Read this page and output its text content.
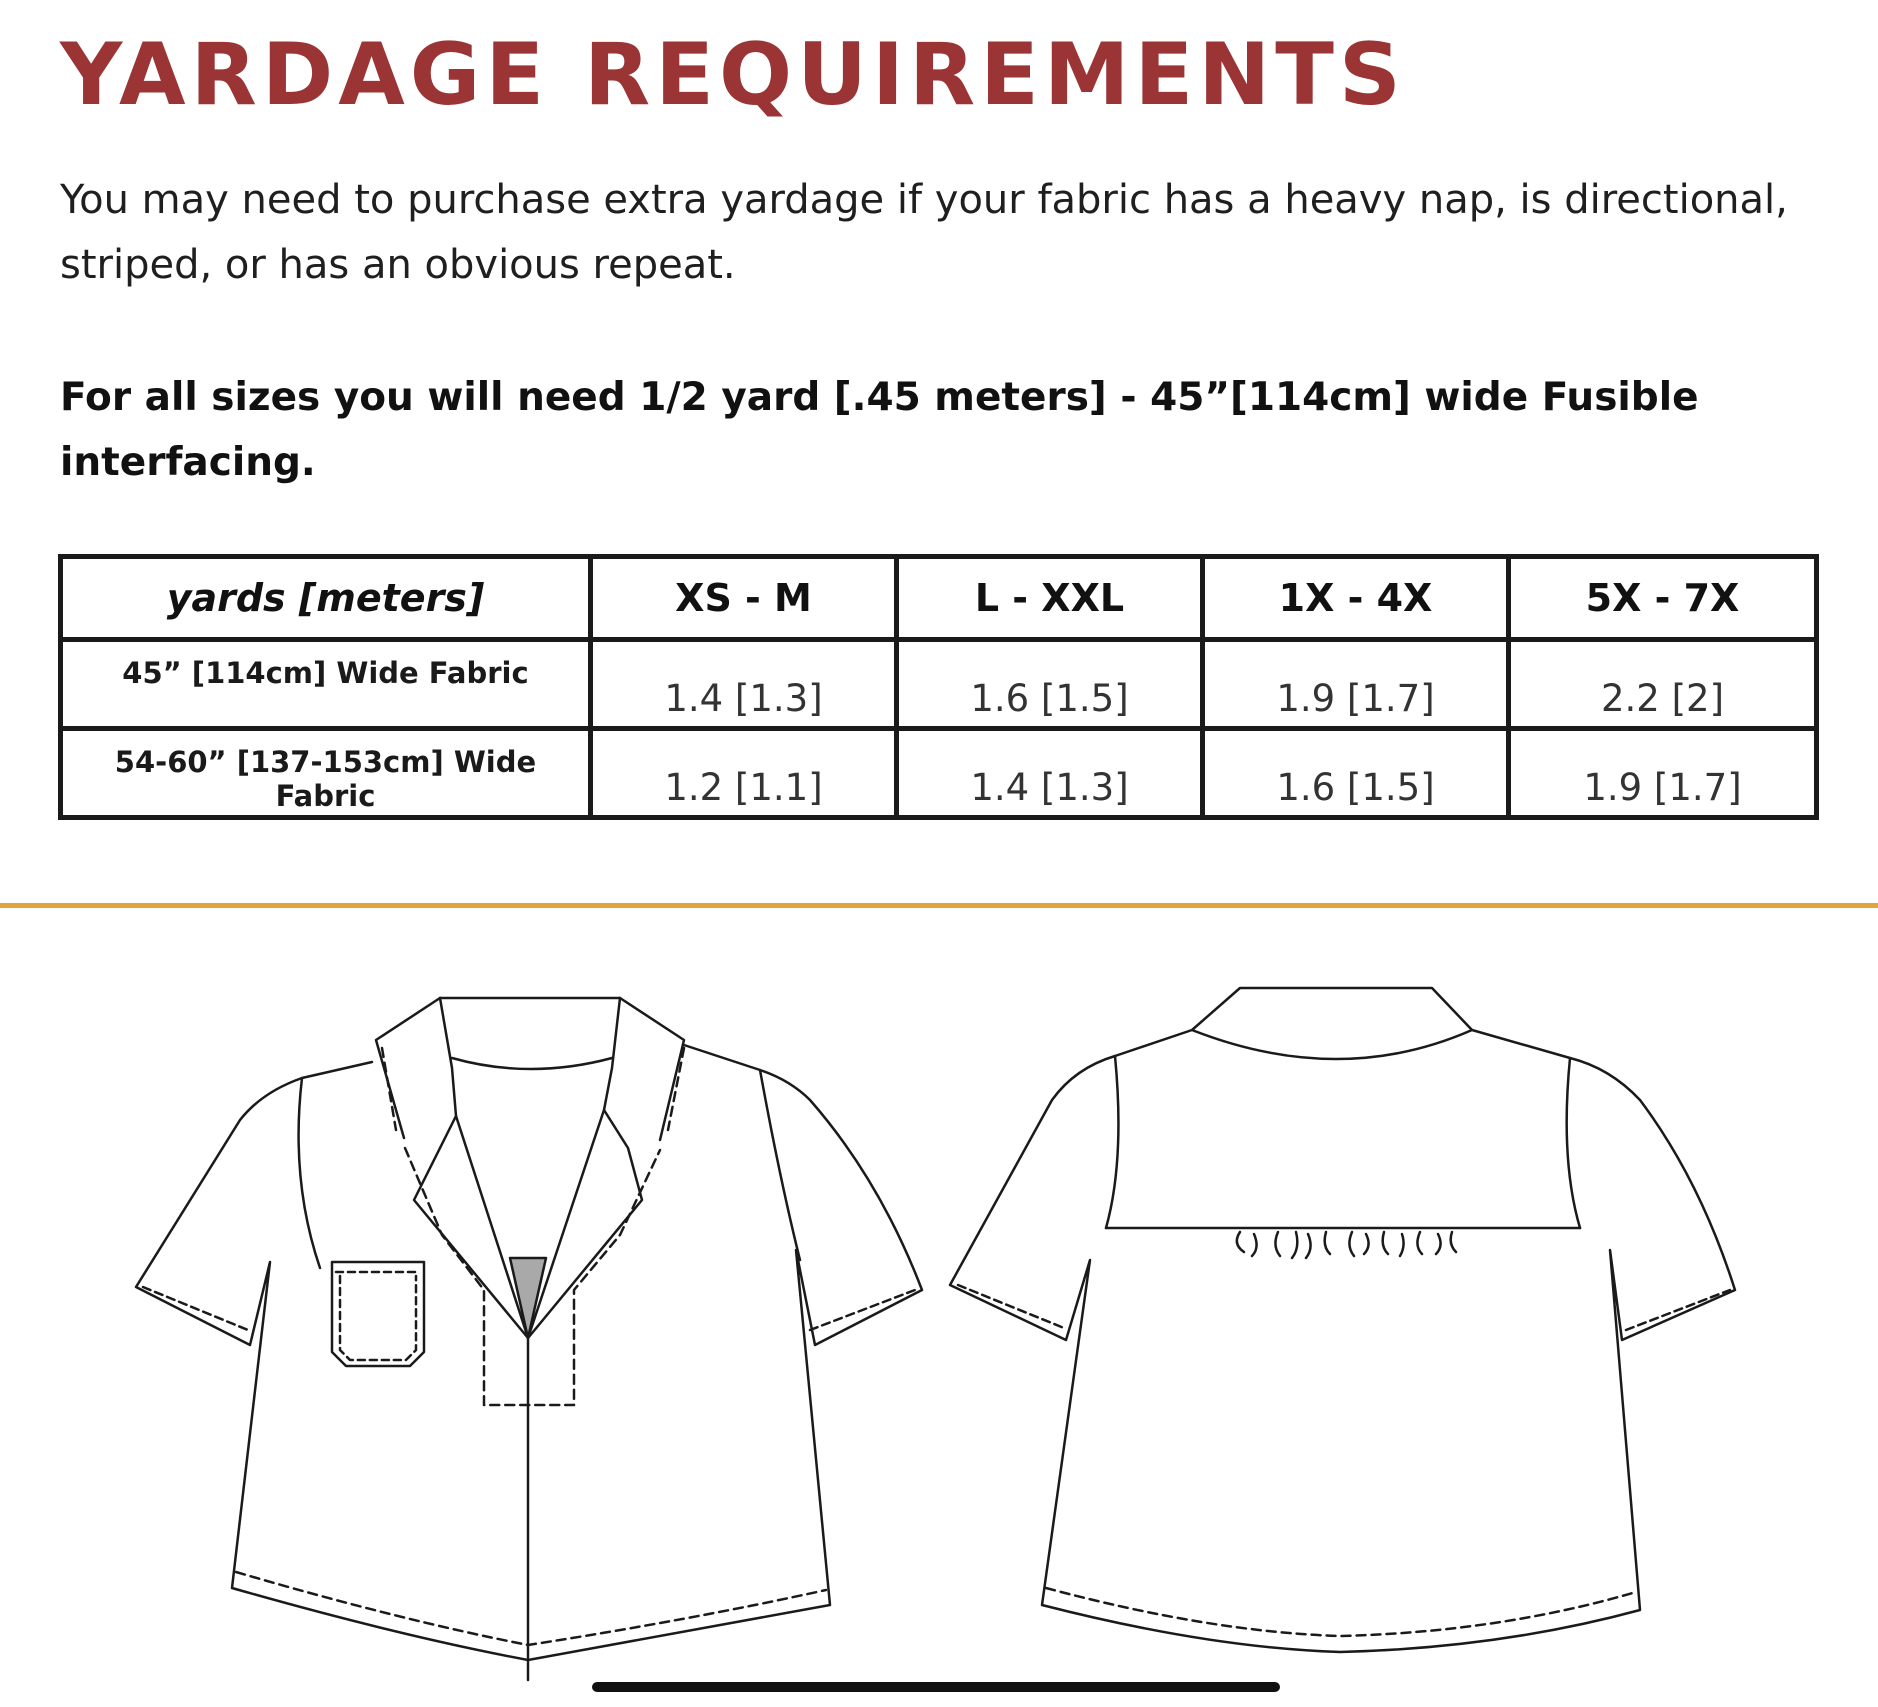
YARDAGE REQUIREMENTS

You may need to purchase extra yardage if your fabric has a heavy nap, is directional, striped, or has an obvious repeat.

For all sizes you will need 1/2 yard [.45 meters] - 45”[114cm] wide Fusible interfacing.

yards [meters]	XS - M	L - XXL	1X - 4X	5X - 7X
45” [114cm] Wide Fabric	1.4 [1.3]	1.6 [1.5]	1.9 [1.7]	2.2 [2]
54-60” [137-153cm] Wide Fabric	1.2 [1.1]	1.4 [1.3]	1.6 [1.5]	1.9 [1.7]
